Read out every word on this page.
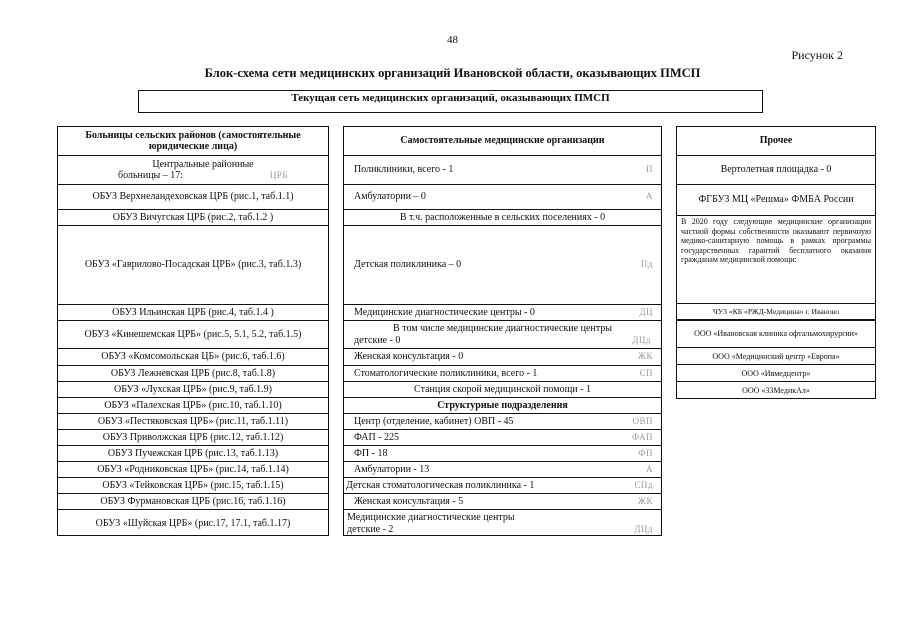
48
Рисунок 2
Блок-схема сети медицинских организаций Ивановской области, оказывающих ПМСП
Текущая сеть медицинских организаций, оказывающих ПМСП
Больницы сельских районов (самостоятельные юридические лица)
Центральные районные
больницы – 17:	ЦРБ
ОБУЗ Верхнеландеховская ЦРБ (рис.1, таб.1.1)
ОБУЗ Вичугская ЦРБ (рис.2, таб.1.2 )
ОБУЗ «Гаврилово-Посадская ЦРБ» (рис.3, таб.1.3)
ОБУЗ Ильинская ЦРБ (рис.4, таб.1.4 )
ОБУЗ «Кинешемская ЦРБ» (рис.5, 5.1, 5.2, таб.1.5)
ОБУЗ «Комсомольская ЦБ» (рис.6, таб.1.6)
ОБУЗ Лежневская ЦРБ (рис.8, таб.1.8)
ОБУЗ «Лухская ЦРБ» (рис.9, таб.1.9)
ОБУЗ «Палехская ЦРБ» (рис.10, таб.1.10)
ОБУЗ «Пестяковская ЦРБ» (рис.11, таб.1.11)
ОБУЗ Приволжская ЦРБ (рис.12, таб.1.12)
ОБУЗ Пучежская ЦРБ (рис.13, таб.1.13)
ОБУЗ «Родниковская ЦРБ» (рис.14, таб.1.14)
ОБУЗ «Тейковская ЦРБ» (рис.15, таб.1.15)
ОБУЗ Фурмановская ЦРБ (рис.16, таб.1.16)
ОБУЗ «Шуйская ЦРБ» (рис.17, 17.1, таб.1.17)
Самостоятельные медицинские организации
Поликлиники, всего - 1	П
Амбулатории – 0	А
В т.ч. расположенные в сельских поселениях - 0
Детская поликлиника – 0	Пд
Медицинские диагностические центры - 0	ДЦ
В том числе медицинские диагностические центры
детские - 0	ДЦд
Женская консультация - 0	ЖК
Стоматологические поликлиники, всего - 1	СП
Станция скорой медицинской помощи - 1
Структурные подразделения
Центр (отделение, кабинет) ОВП - 45	ОВП
ФАП - 225	ФАП
ФП - 18	ФП
Амбулатории - 13	А
Детская стоматологическая поликлиника - 1	СПд
Женская консультация - 5	ЖК
Медицинские диагностические центры
детские - 2	ДЦд
Прочее
Вертолетная площадка - 0
ФГБУЗ МЦ «Решма» ФМБА России
В 2020 году следующие медицинские организации частной формы собственности оказывают первичную медико-санитарную помощь в рамках программы государственных гарантий бесплатного оказания гражданам медицинской помощи:
ЧУЗ «КБ «РЖД-Медицина» г. Иваново
ООО «Ивановская клиника офтальмохирургии»
ООО «Медицинский центр «Европа»
ООО «Ивмедцентр»
ООО «33МедикАл»
